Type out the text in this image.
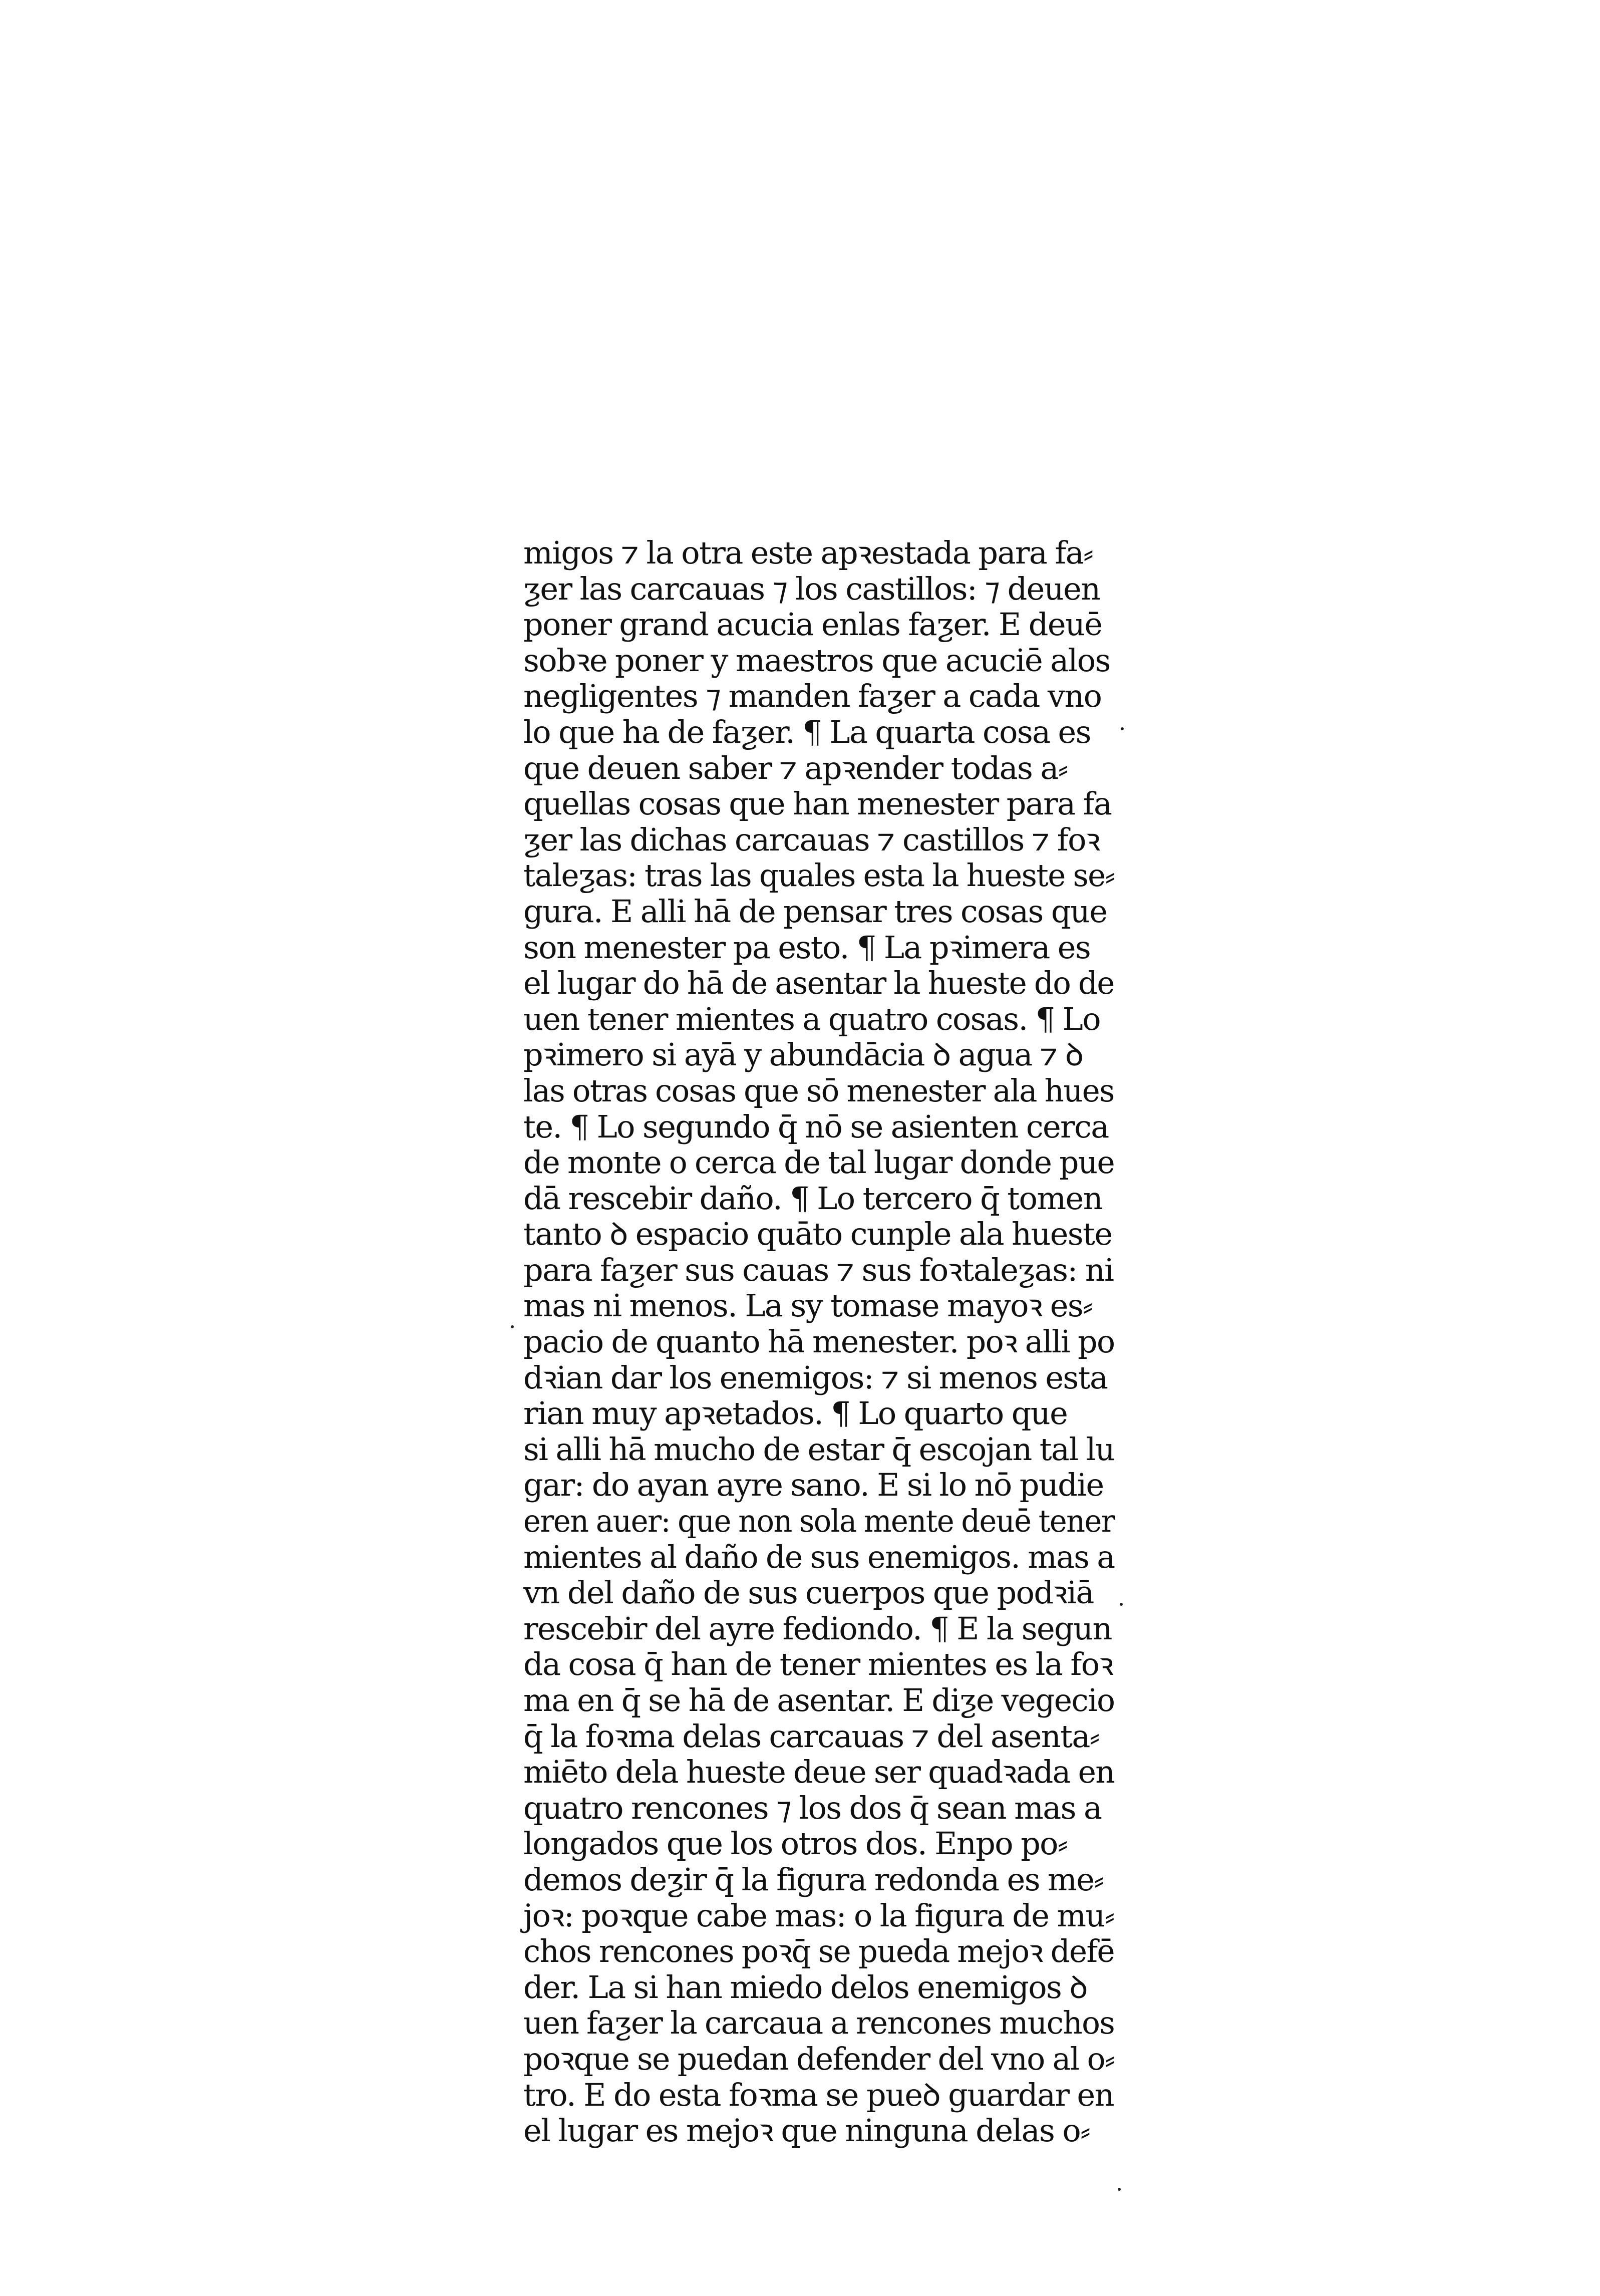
migos ⁊ la otra este apꝛestada para fa⸗
ƺer las carcauas ⁊ los castillos: ⁊ deuen
poner grand acucia enlas faƺer. E deuē
sobꝛe poner y maestros que acuciē alos
negligentes ⁊ manden faƺer a cada vno
lo que ha de faƺer. ¶ La quarta cosa es
que deuen saber ⁊ apꝛender todas a⸗
quellas cosas que han menester para fa
ƺer las dichas carcauas ⁊ castillos ⁊ foꝛ
taleƺas: tras las quales esta la hueste se⸗
gura. E alli hā de pensar tres cosas que
son menester pa esto. ¶ La pꝛimera es
el lugar do hā de asentar la hueste do de
uen tener mientes a quatro cosas. ¶ Lo
pꝛimero si ayā y abundācia ꝺ agua ⁊ ꝺ
las otras cosas que sō menester ala hues
te. ¶ Lo segundo q̄ nō se asienten cerca
de monte o cerca de tal lugar donde pue
dā rescebir daño. ¶ Lo tercero q̄ tomen
tanto ꝺ espacio quāto cunple ala hueste
para faƺer sus cauas ⁊ sus foꝛtaleƺas: ni
mas ni menos. La sy tomase mayoꝛ es⸗
pacio de quanto hā menester. poꝛ alli po
dꝛian dar los enemigos: ⁊ si menos esta
rian muy apꝛetados. ¶ Lo quarto que
si alli hā mucho de estar q̄ escojan tal lu
gar: do ayan ayre sano. E si lo nō pudie
eren auer: que non sola mente deuē tener
mientes al daño de sus enemigos. mas a
vn del daño de sus cuerpos que podꝛiā
rescebir del ayre fediondo. ¶ E la segun
da cosa q̄ han de tener mientes es la foꝛ
ma en q̄ se hā de asentar. E diƺe vegecio
q̄ la foꝛma delas carcauas ⁊ del asenta⸗
miēto dela hueste deue ser quadꝛada en
quatro rencones ⁊ los dos q̄ sean mas a
longados que los otros dos. Enpo po⸗
demos deƺir q̄ la figura redonda es me⸗
joꝛ: poꝛque cabe mas: o la figura de mu⸗
chos rencones poꝛq̄ se pueda mejoꝛ defē
der. La si han miedo delos enemigos ꝺ
uen faƺer la carcaua a rencones muchos
poꝛque se puedan defender del vno al o⸗
tro. E do esta foꝛma se pueꝺ guardar en
el lugar es mejoꝛ que ninguna delas o⸗
